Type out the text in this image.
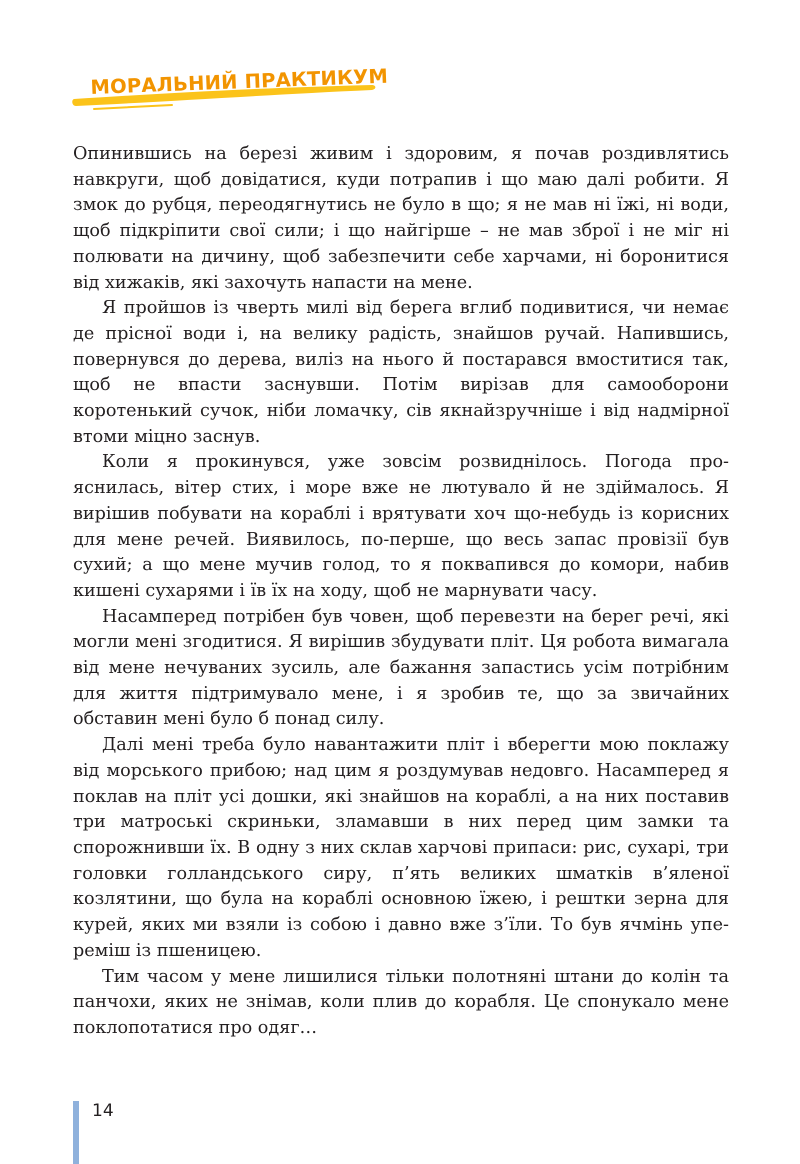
МОРАЛЬНИЙ ПРАКТИКУМ

Опинившись на березі живим і здоровим, я почав роздивлятись навкруги, щоб довідатися, куди потрапив і що маю далі робити. Я змок до рубця, переодягнутись не було в що; я не мав ні їжі, ні води, щоб підкріпити свої сили; і що найгірше – не мав зброї і не міг ні полювати на дичину, щоб забезпечити себе харчами, ні боронитися від хижаків, які захочуть напасти на мене.

Я пройшов із чверть милі від берега вглиб подивитися, чи немає де прісної води і, на велику радість, знайшов ручай. Напившись, повернувся до дерева, виліз на нього й постарався вмоститися так, щоб не впасти заснувши. Потім вирізав для самооборони коротенький сучок, ніби ломачку, сів якнайзручніше і від надмірної втоми міцно заснув.

Коли я прокинувся, уже зовсім розвиднілось. Погода прояснилась, вітер стих, і море вже не лютувало й не здіймалось. Я вирішив побувати на кораблі і врятувати хоч що-небудь із корисних для мене речей. Виявилось, по-перше, що весь запас провізії був сухий; а що мене мучив голод, то я поквапився до комори, набив кишені сухарями і їв їх на ходу, щоб не марнувати часу.

Насамперед потрібен був човен, щоб перевезти на берег речі, які могли мені згодитися. Я вирішив збудувати пліт. Ця робота вимагала від мене нечуваних зусиль, але бажання запастись усім потрібним для життя підтримувало мене, і я зробив те, що за звичайних обставин мені було б понад силу.

Далі мені треба було навантажити пліт і вберегти мою поклажу від морського прибою; над цим я роздумував недовго. Насамперед я поклав на пліт усі дошки, які знайшов на кораблі, а на них поставив три матроські скриньки, зламавши в них перед цим замки та спорожнивши їх. В одну з них склав харчові припаси: рис, сухарі, три головки голландського сиру, п’ять великих шматків в’яленої козлятини, що була на кораблі основною їжею, і рештки зерна для курей, яких ми взяли із собою і давно вже з’їли. То був ячмінь упереміш із пшеницею.

Тим часом у мене лишилися тільки полотняні штани до колін та панчохи, яких не знімав, коли плив до корабля. Це спонукало мене поклопотатися про одяг…

14
